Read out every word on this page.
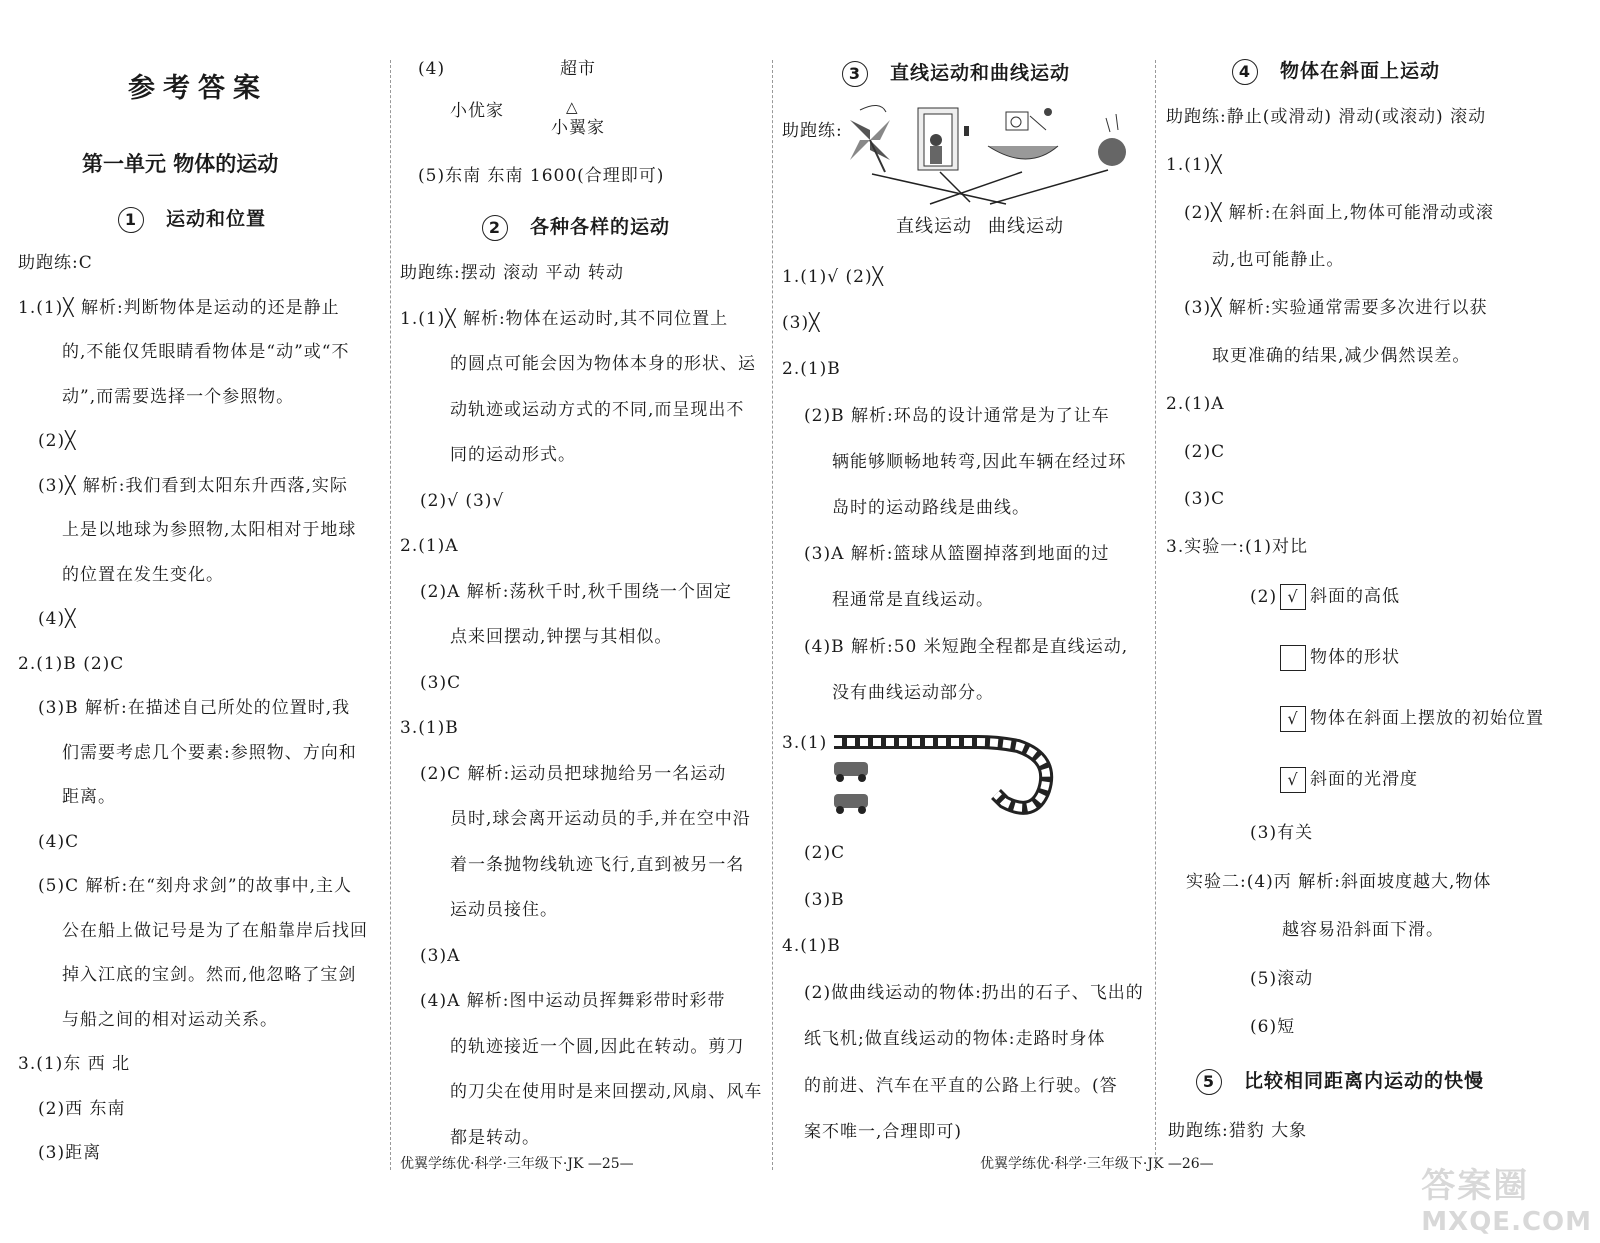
参考答案
第一单元 物体的运动
1 运动和位置
助跑练:C
1.(1)╳ 解析:判断物体是运动的还是静止
的,不能仅凭眼睛看物体是“动”或“不
动”,而需要选择一个参照物。
(2)╳
(3)╳ 解析:我们看到太阳东升西落,实际
上是以地球为参照物,太阳相对于地球
的位置在发生变化。
(4)╳
2.(1)B (2)C
(3)B 解析:在描述自己所处的位置时,我
们需要考虑几个要素:参照物、方向和
距离。
(4)C
(5)C 解析:在“刻舟求剑”的故事中,主人
公在船上做记号是为了在船靠岸后找回
掉入江底的宝剑。然而,他忽略了宝剑
与船之间的相对运动关系。
3.(1)东 西 北
(2)西 东南
(3)距离
(4)	超市
小优家	△
小翼家
(5)东南 东南 1600(合理即可)
2 各种各样的运动
助跑练:摆动 滚动 平动 转动
1.(1)╳ 解析:物体在运动时,其不同位置上
的圆点可能会因为物体本身的形状、运
动轨迹或运动方式的不同,而呈现出不
同的运动形式。
(2)√ (3)√
2.(1)A
(2)A 解析:荡秋千时,秋千围绕一个固定
点来回摆动,钟摆与其相似。
(3)C
3.(1)B
(2)C 解析:运动员把球抛给另一名运动
员时,球会离开运动员的手,并在空中沿
着一条抛物线轨迹飞行,直到被另一名
运动员接住。
(3)A
(4)A 解析:图中运动员挥舞彩带时彩带
的轨迹接近一个圆,因此在转动。剪刀
的刀尖在使用时是来回摆动,风扇、风车
都是转动。
优翼学练优·科学·三年级下·JK —25—
3 直线运动和曲线运动
助跑练:
直线运动 曲线运动
1.(1)√ (2)╳
(3)╳
2.(1)B
(2)B 解析:环岛的设计通常是为了让车
辆能够顺畅地转弯,因此车辆在经过环
岛时的运动路线是曲线。
(3)A 解析:篮球从篮圈掉落到地面的过
程通常是直线运动。
(4)B 解析:50 米短跑全程都是直线运动,
没有曲线运动部分。
3.(1)
(2)C
(3)B
4.(1)B
(2)做曲线运动的物体:扔出的石子、飞出的
纸飞机;做直线运动的物体:走路时身体
的前进、汽车在平直的公路上行驶。(答
案不唯一,合理即可)
优翼学练优·科学·三年级下·JK —26—
4 物体在斜面上运动
助跑练:静止(或滑动) 滑动(或滚动) 滚动
1.(1)╳
(2)╳ 解析:在斜面上,物体可能滑动或滚
动,也可能静止。
(3)╳ 解析:实验通常需要多次进行以获
取更准确的结果,减少偶然误差。
2.(1)A
(2)C
(3)C
3.实验一:(1)对比
(2) √ 斜面的高低
物体的形状
√ 物体在斜面上摆放的初始位置
√ 斜面的光滑度
(3)有关
实验二:(4)丙 解析:斜面坡度越大,物体
越容易沿斜面下滑。
(5)滚动
(6)短
5 比较相同距离内运动的快慢
助跑练:猎豹 大象
答案圈
MXQE.COM
